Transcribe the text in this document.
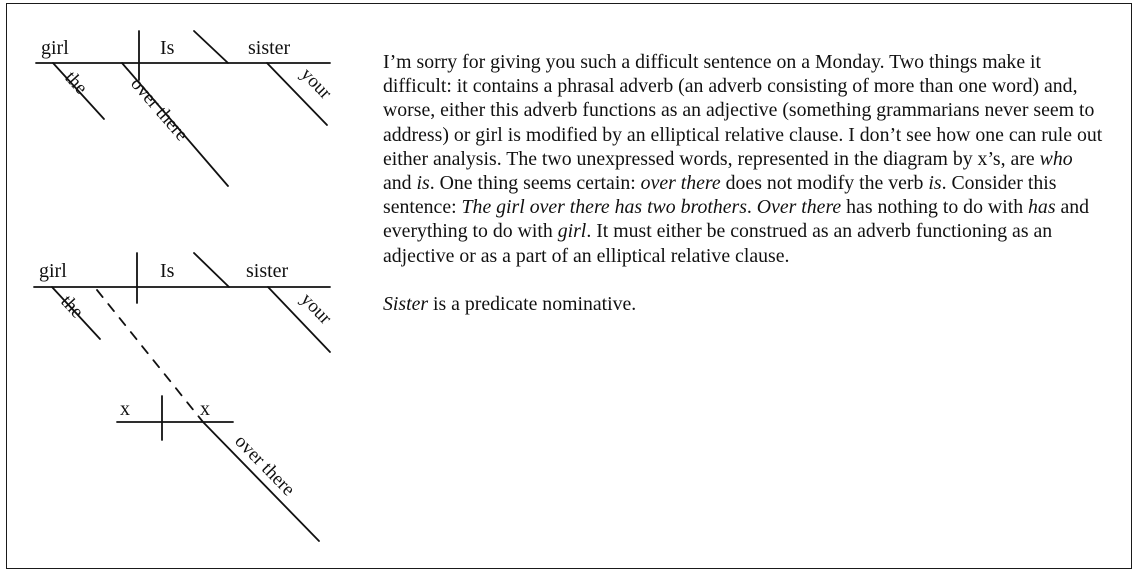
girl	Is	sister
the over there	your
girl	Is	sister
the	your
x	x
over there

I’m sorry for giving you such a difficult sentence on a Monday. Two things make it difficult: it contains a phrasal adverb (an adverb consisting of more than one word) and, worse, either this adverb functions as an adjective (something grammarians never seem to address) or girl is modified by an elliptical relative clause. I don’t see how one can rule out either analysis. The two unexpressed words, represented in the diagram by x’s, are who and is. One thing seems certain: over there does not modify the verb is. Consider this sentence: The girl over there has two brothers. Over there has nothing to do with has and everything to do with girl. It must either be construed as an adverb functioning as an adjective or as a part of an elliptical relative clause.

Sister is a predicate nominative.
